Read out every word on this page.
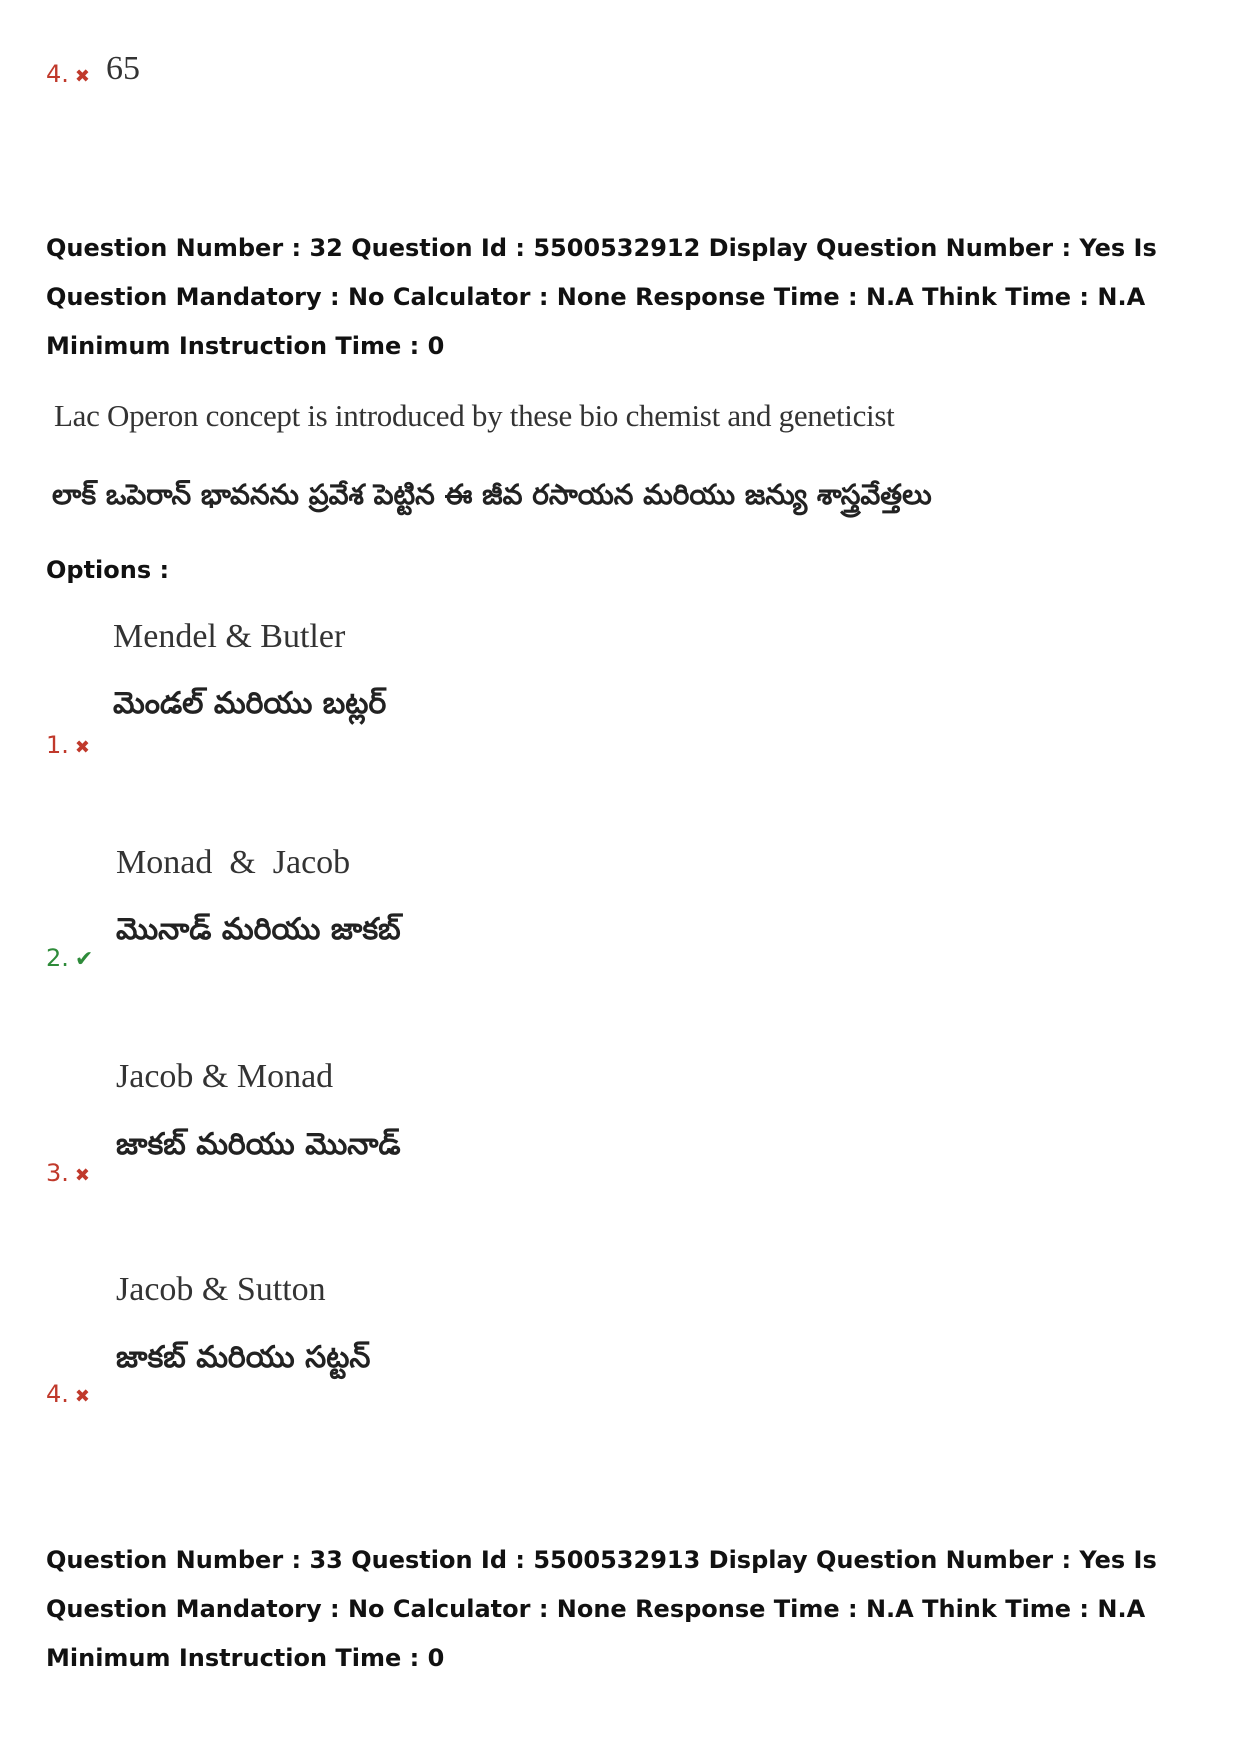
4. ✖ 65
Question Number : 32 Question Id : 5500532912 Display Question Number : Yes Is Question Mandatory : No Calculator : None Response Time : N.A Think Time : N.A Minimum Instruction Time : 0
Lac Operon concept is introduced by these bio chemist and geneticist
లాక్ ఒపెరాన్ భావనను ప్రవేశ పెట్టిన ఈ జీవ రసాయన మరియు జన్యు శాస్త్రవేత్తలు
Options :
Mendel & Butler
మెండల్ మరియు బట్లర్
1. ✖
Monad  &  Jacob
మొనాడ్ మరియు జాకబ్
2. ✔
Jacob & Monad
జాకబ్ మరియు మొనాడ్
3. ✖
Jacob & Sutton
జాకబ్ మరియు సట్టన్
4. ✖
Question Number : 33 Question Id : 5500532913 Display Question Number : Yes Is Question Mandatory : No Calculator : None Response Time : N.A Think Time : N.A Minimum Instruction Time : 0
